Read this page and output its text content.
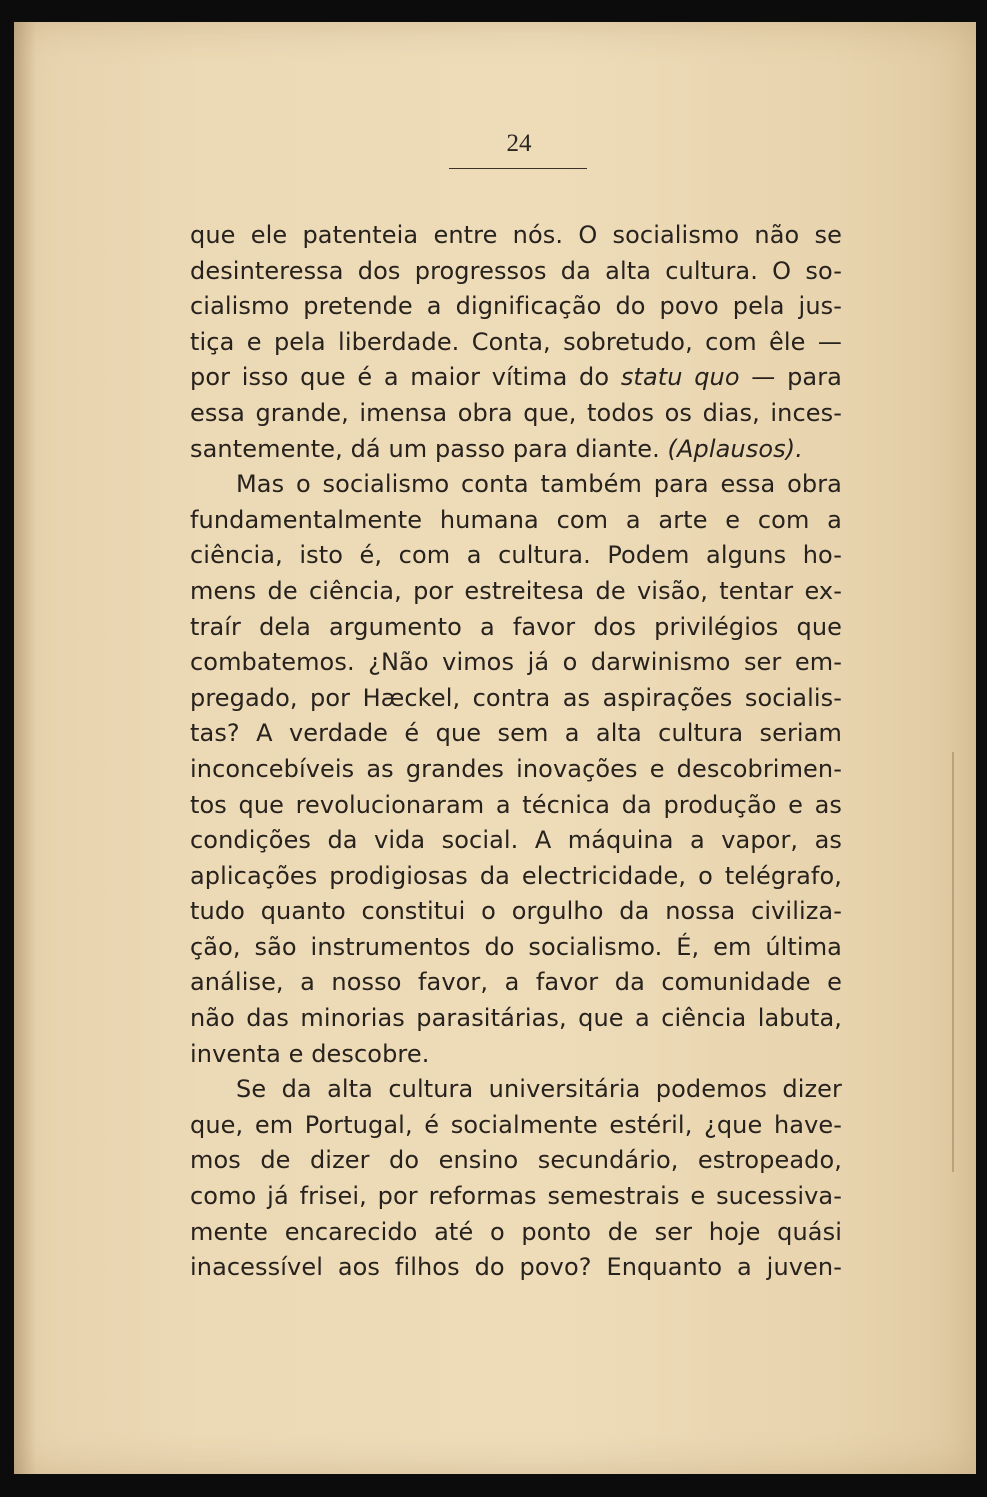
24
que ele patenteia entre nós. O socialismo não se
desinteressa dos progressos da alta cultura. O so-
cialismo pretende a dignificação do povo pela jus-
tiça e pela liberdade. Conta, sobretudo, com êle —
por isso que é a maior vítima do statu quo — para
essa grande, imensa obra que, todos os dias, inces-
santemente, dá um passo para diante. (Aplausos).
Mas o socialismo conta também para essa obra
fundamentalmente humana com a arte e com a
ciência, isto é, com a cultura. Podem alguns ho-
mens de ciência, por estreitesa de visão, tentar ex-
traír dela argumento a favor dos privilégios que
combatemos. ¿Não vimos já o darwinismo ser em-
pregado, por Hæckel, contra as aspirações socialis-
tas? A verdade é que sem a alta cultura seriam
inconcebíveis as grandes inovações e descobrimen-
tos que revolucionaram a técnica da produção e as
condições da vida social. A máquina a vapor, as
aplicações prodigiosas da electricidade, o telégrafo,
tudo quanto constitui o orgulho da nossa civiliza-
ção, são instrumentos do socialismo. É, em última
análise, a nosso favor, a favor da comunidade e
não das minorias parasitárias, que a ciência labuta,
inventa e descobre.
Se da alta cultura universitária podemos dizer
que, em Portugal, é socialmente estéril, ¿que have-
mos de dizer do ensino secundário, estropeado,
como já frisei, por reformas semestrais e sucessiva-
mente encarecido até o ponto de ser hoje quási
inacessível aos filhos do povo? Enquanto a juven-
